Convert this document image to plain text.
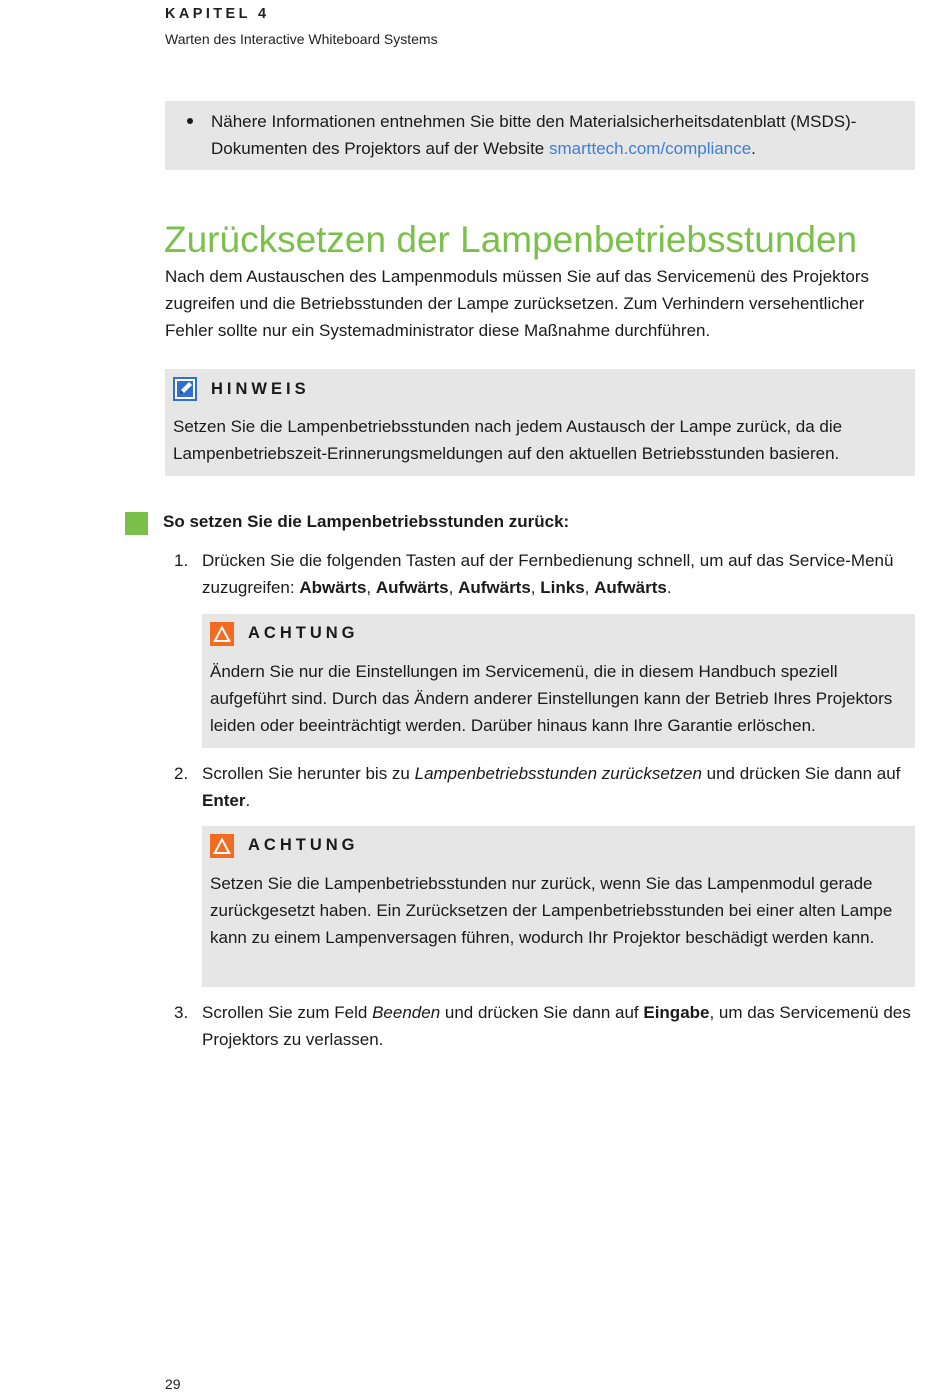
KAPITEL 4
Warten des Interactive Whiteboard Systems
Nähere Informationen entnehmen Sie bitte den Materialsicherheitsdatenblatt (MSDS)-Dokumenten des Projektors auf der Website smarttech.com/compliance.
Zurücksetzen der Lampenbetriebsstunden
Nach dem Austauschen des Lampenmoduls müssen Sie auf das Servicemenü des Projektors zugreifen und die Betriebsstunden der Lampe zurücksetzen. Zum Verhindern versehentlicher Fehler sollte nur ein Systemadministrator diese Maßnahme durchführen.
HINWEIS
Setzen Sie die Lampenbetriebsstunden nach jedem Austausch der Lampe zurück, da die Lampenbetriebszeit-Erinnerungsmeldungen auf den aktuellen Betriebsstunden basieren.
So setzen Sie die Lampenbetriebsstunden zurück:
1. Drücken Sie die folgenden Tasten auf der Fernbedienung schnell, um auf das Service-Menü zuzugreifen: Abwärts, Aufwärts, Aufwärts, Links, Aufwärts.
ACHTUNG
Ändern Sie nur die Einstellungen im Servicemenü, die in diesem Handbuch speziell aufgeführt sind. Durch das Ändern anderer Einstellungen kann der Betrieb Ihres Projektors leiden oder beeinträchtigt werden. Darüber hinaus kann Ihre Garantie erlöschen.
2. Scrollen Sie herunter bis zu Lampenbetriebsstunden zurücksetzen und drücken Sie dann auf Enter.
ACHTUNG
Setzen Sie die Lampenbetriebsstunden nur zurück, wenn Sie das Lampenmodul gerade zurückgesetzt haben. Ein Zurücksetzen der Lampenbetriebsstunden bei einer alten Lampe kann zu einem Lampenversagen führen, wodurch Ihr Projektor beschädigt werden kann.
3. Scrollen Sie zum Feld Beenden und drücken Sie dann auf Eingabe, um das Servicemenü des Projektors zu verlassen.
29
